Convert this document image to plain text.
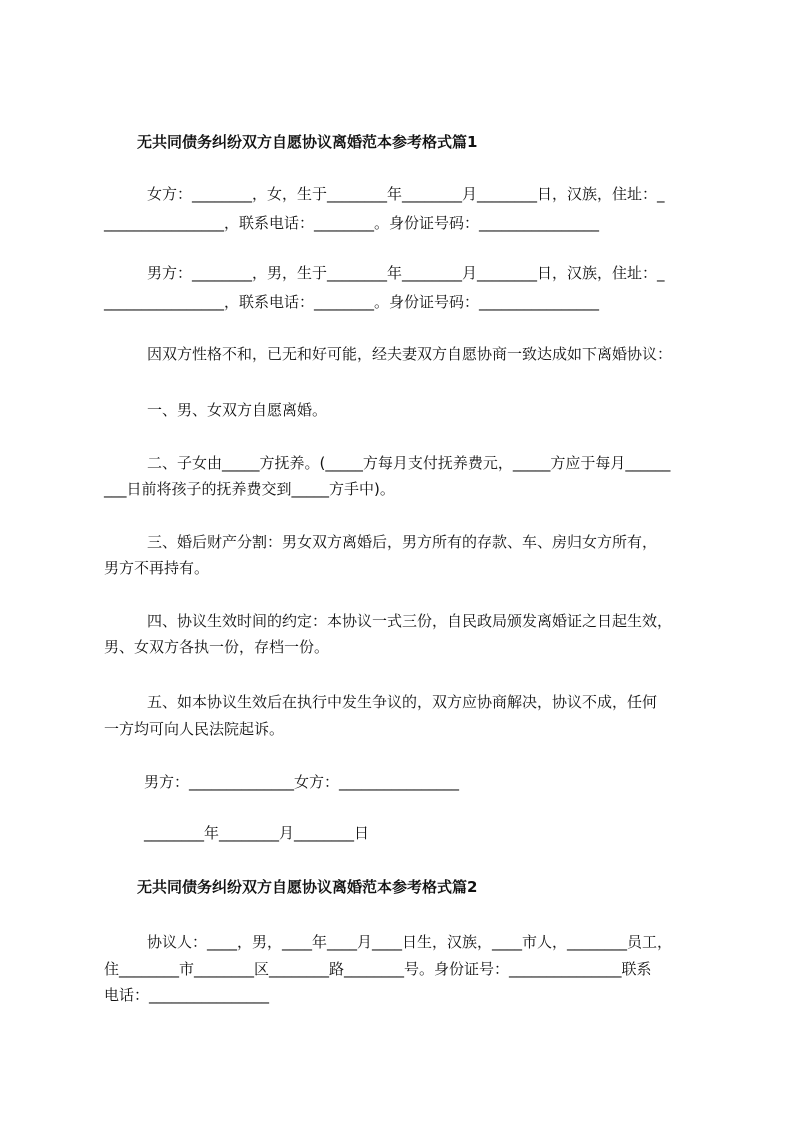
无共同债务纠纷双方自愿协议离婚范本参考格式篇1
女方：________，女，生于________年________月________日，汉族，住址：_
________________，联系电话：________。身份证号码：________________
男方：________，男，生于________年________月________日，汉族，住址：_
________________，联系电话：________。身份证号码：________________
因双方性格不和，已无和好可能，经夫妻双方自愿协商一致达成如下离婚协议：
一、男、女双方自愿离婚。
二、子女由_____方抚养。(_____方每月支付抚养费元，_____方应于每月______
___日前将孩子的抚养费交到_____方手中)。
三、婚后财产分割：男女双方离婚后，男方所有的存款、车、房归女方所有，
男方不再持有。
四、协议生效时间的约定：本协议一式三份，自民政局颁发离婚证之日起生效，
男、女双方各执一份，存档一份。
五、如本协议生效后在执行中发生争议的，双方应协商解决，协议不成，任何
一方均可向人民法院起诉。
男方：______________女方：________________
________年________月________日
无共同债务纠纷双方自愿协议离婚范本参考格式篇2
协议人：____，男，____年____月____日生，汉族，____市人，________员工，
住________市________区________路________号。身份证号：_______________联系
电话：________________
